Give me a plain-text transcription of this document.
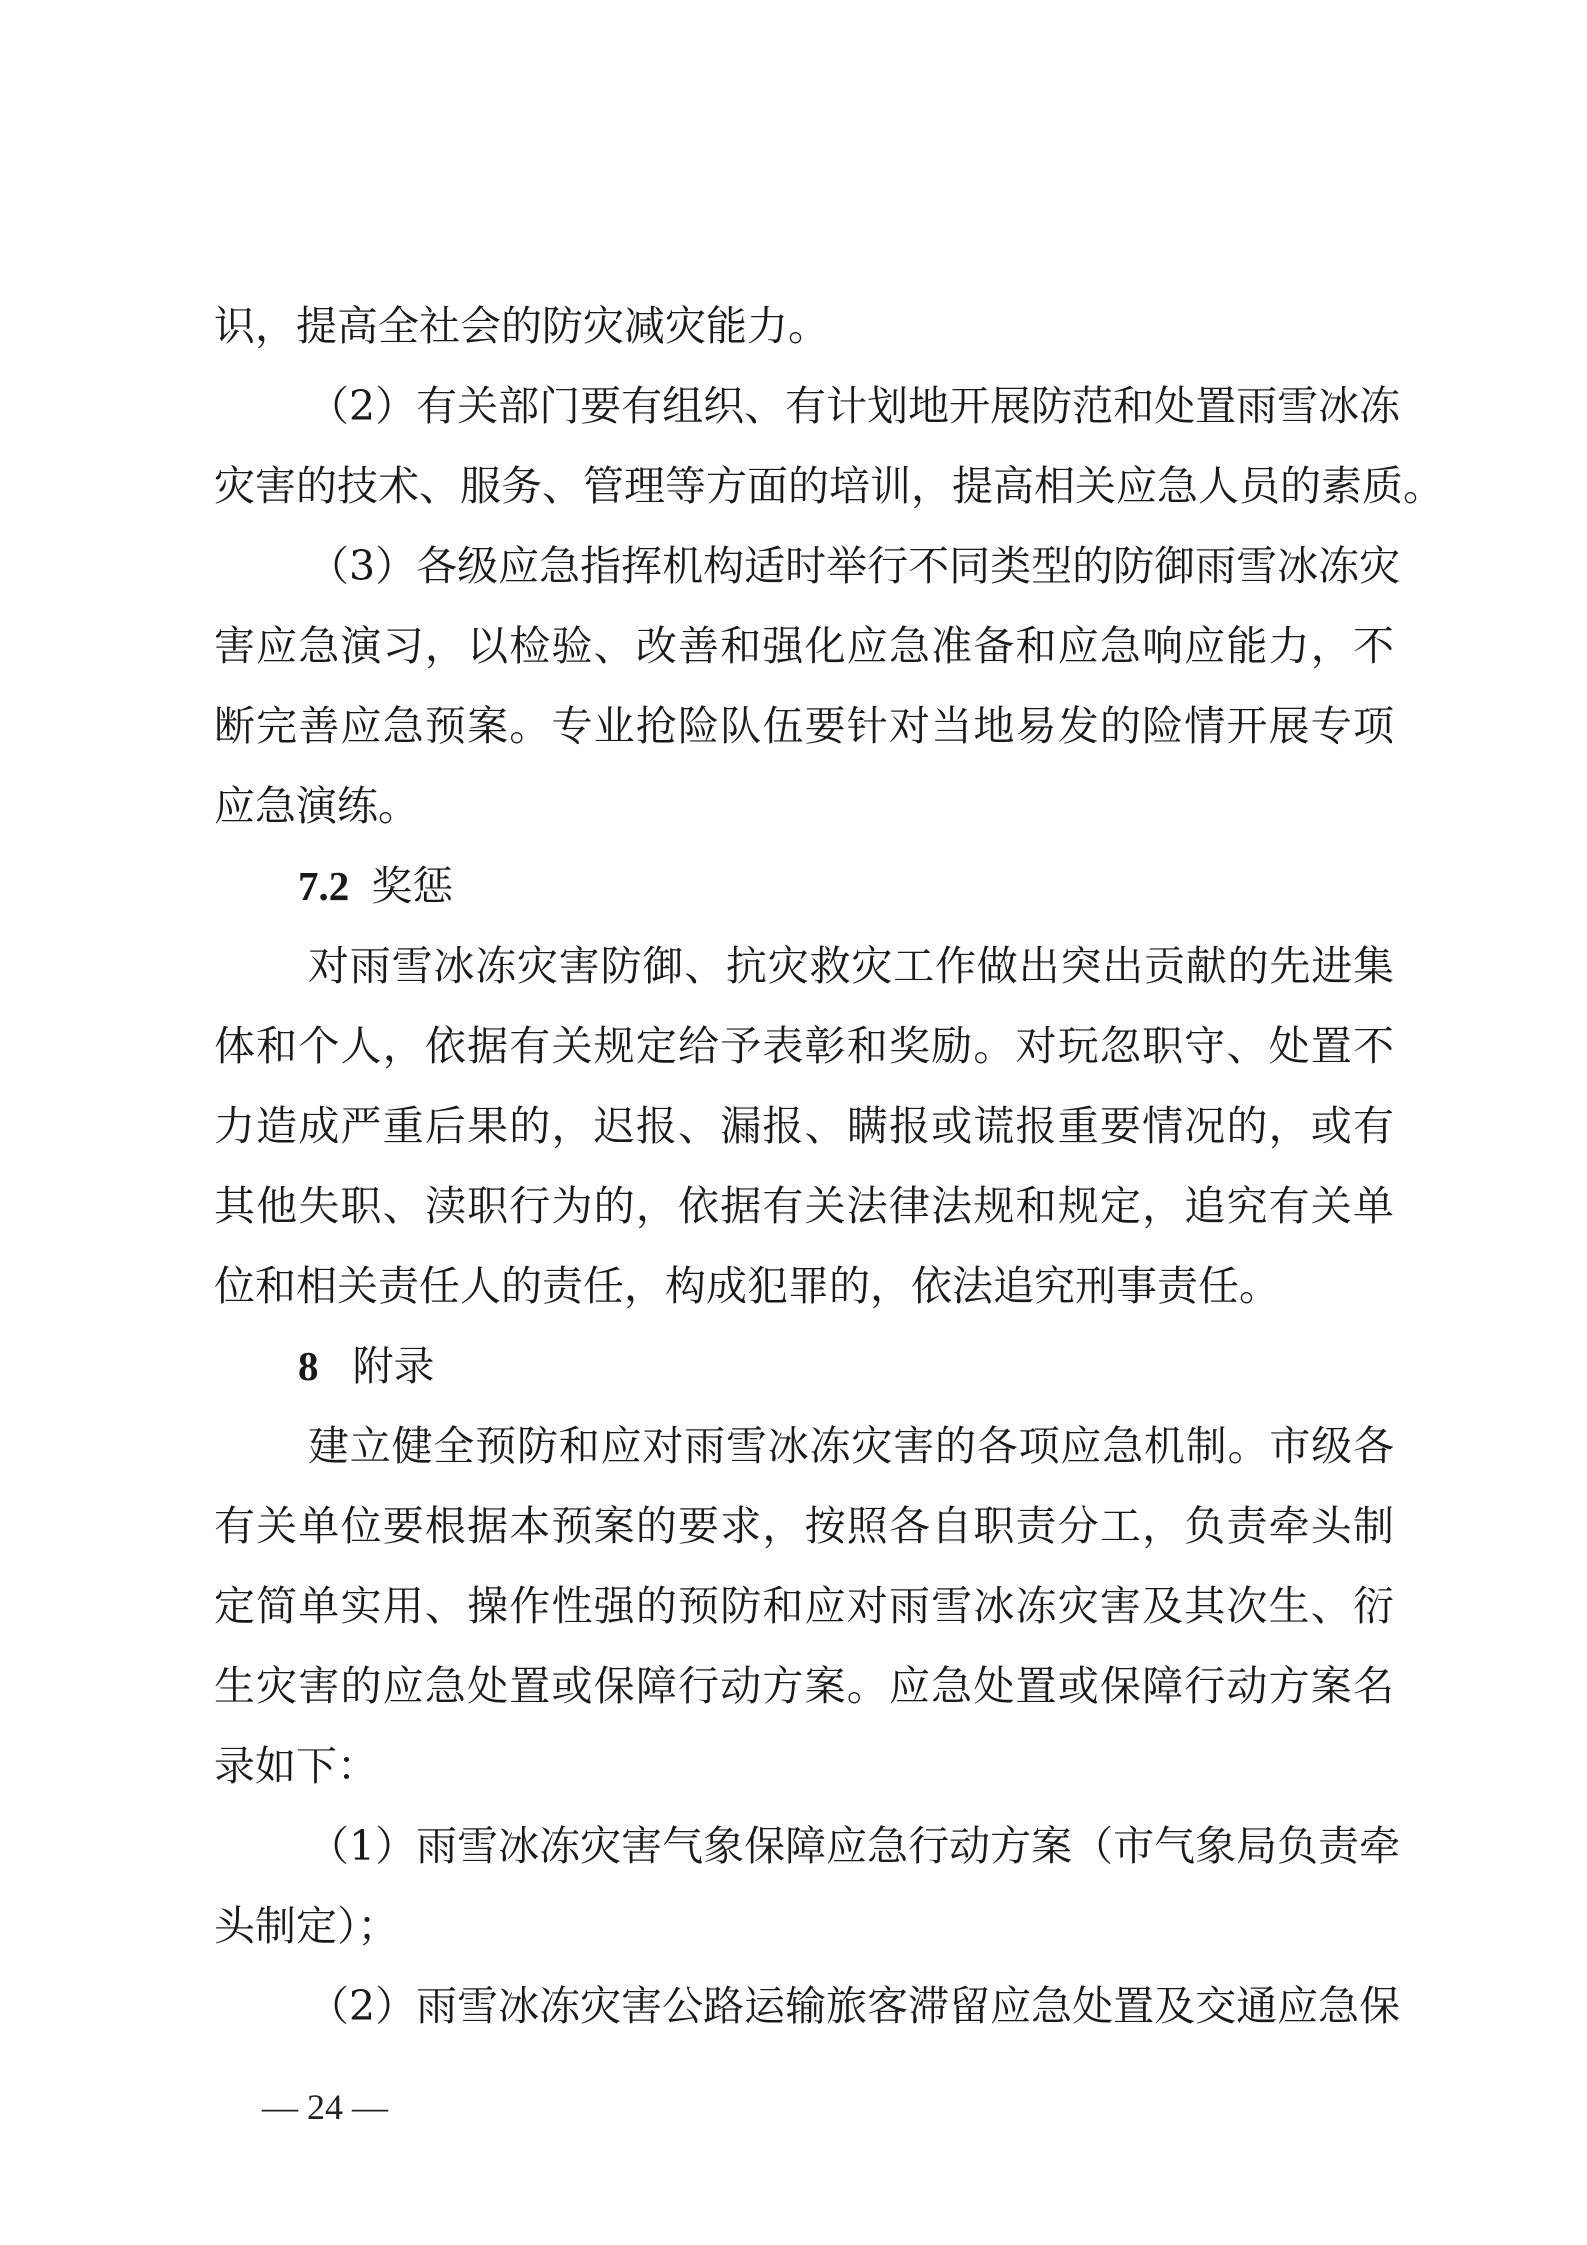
识，提高全社会的防灾减灾能力。
（2）有关部门要有组织、有计划地开展防范和处置雨雪冰冻
灾害的技术、服务、管理等方面的培训，提高相关应急人员的素质。
（3）各级应急指挥机构适时举行不同类型的防御雨雪冰冻灾
害应急演习，以检验、改善和强化应急准备和应急响应能力，不
断完善应急预案。专业抢险队伍要针对当地易发的险情开展专项
应急演练。
7.2 奖惩
对雨雪冰冻灾害防御、抗灾救灾工作做出突出贡献的先进集
体和个人，依据有关规定给予表彰和奖励。对玩忽职守、处置不
力造成严重后果的，迟报、漏报、瞒报或谎报重要情况的，或有
其他失职、渎职行为的，依据有关法律法规和规定，追究有关单
位和相关责任人的责任，构成犯罪的，依法追究刑事责任。
8 附录
建立健全预防和应对雨雪冰冻灾害的各项应急机制。市级各
有关单位要根据本预案的要求，按照各自职责分工，负责牵头制
定简单实用、操作性强的预防和应对雨雪冰冻灾害及其次生、衍
生灾害的应急处置或保障行动方案。应急处置或保障行动方案名
录如下：
（1）雨雪冰冻灾害气象保障应急行动方案（市气象局负责牵
头制定）；
（2）雨雪冰冻灾害公路运输旅客滞留应急处置及交通应急保
— 24 —
